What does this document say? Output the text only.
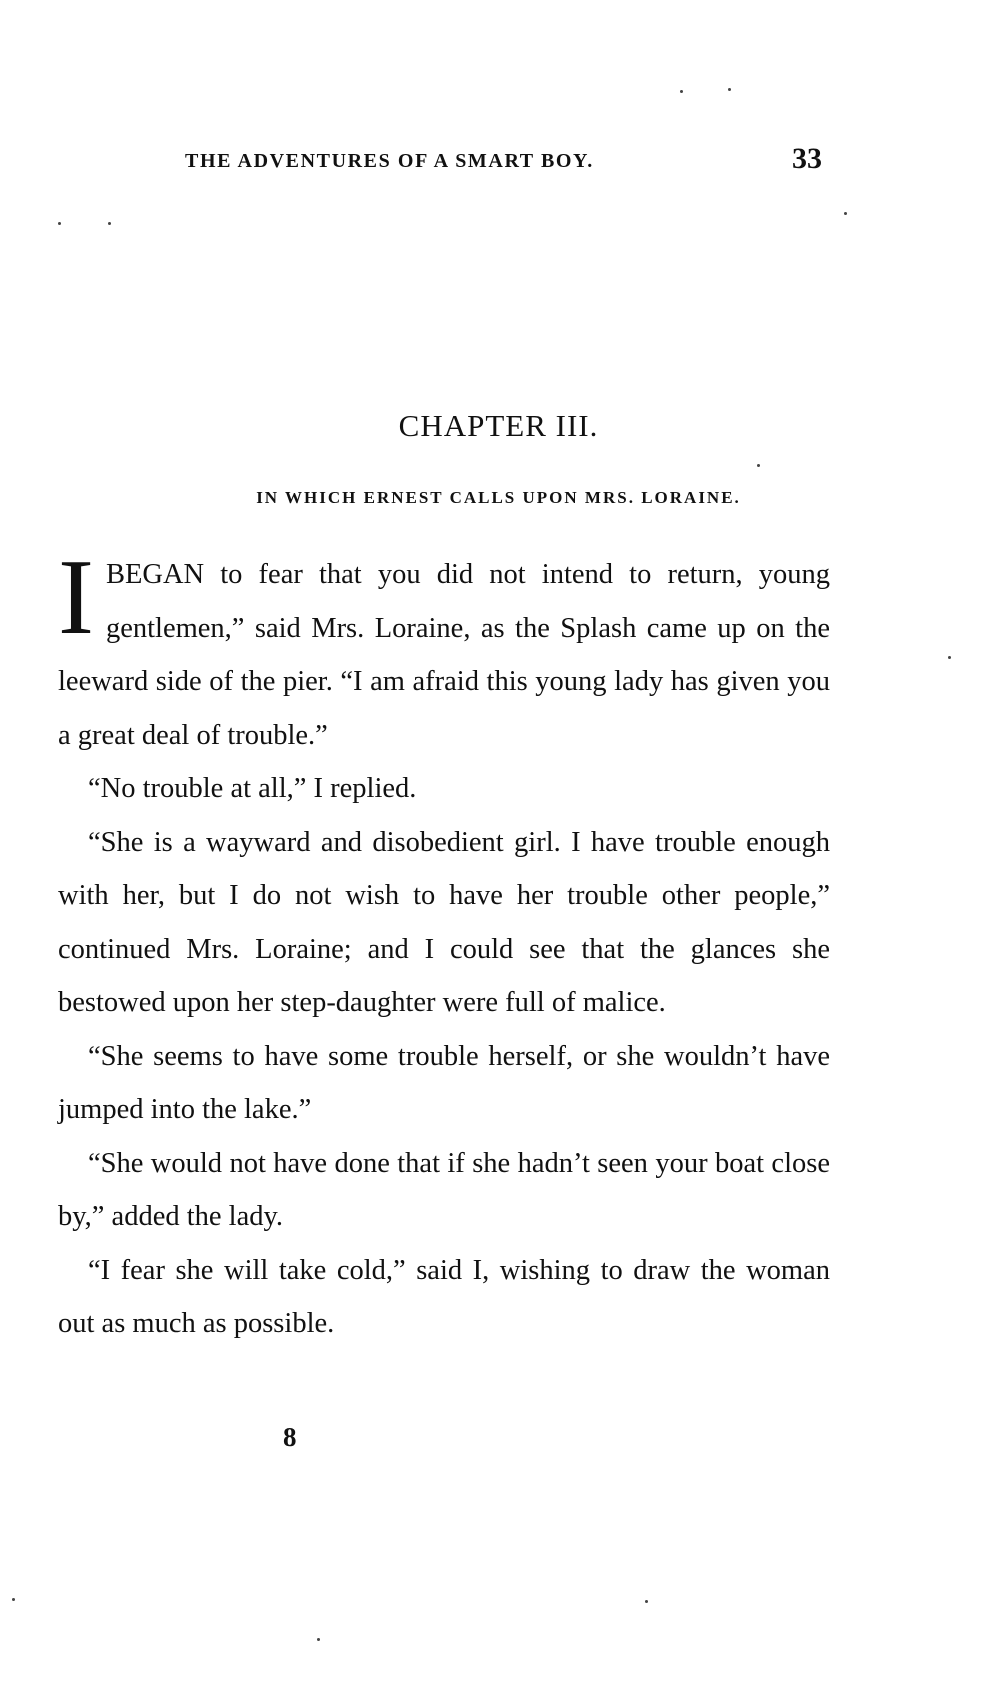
THE ADVENTURES OF A SMART BOY.	33
CHAPTER III.
IN WHICH ERNEST CALLS UPON MRS. LORAINE.

I BEGAN to fear that you did not intend to return, young gentlemen,” said Mrs. Loraine, as the Splash came up on the leeward side of the pier. “I am afraid this young lady has given you a great deal of trouble.”

“No trouble at all,” I replied.

“She is a wayward and disobedient girl. I have trouble enough with her, but I do not wish to have her trouble other people,” continued Mrs. Loraine; and I could see that the glances she bestowed upon her step-daughter were full of malice.

“She seems to have some trouble herself, or she wouldn’t have jumped into the lake.”

“She would not have done that if she hadn’t seen your boat close by,” added the lady.

“I fear she will take cold,” said I, wishing to draw the woman out as much as possible.

8
